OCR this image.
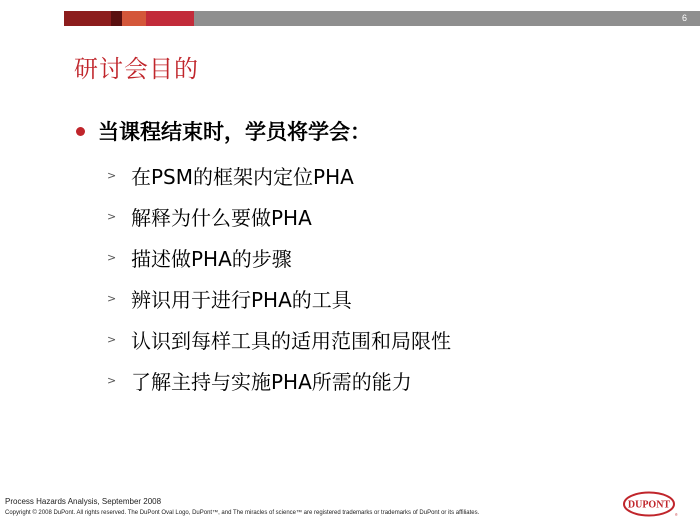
6
研讨会目的
当课程结束时，学员将学会：
> 在PSM的框架内定位PHA
> 解释为什么要做PHA
> 描述做PHA的步骤
> 辨识用于进行PHA的工具
> 认识到每样工具的适用范围和局限性
> 了解主持与实施PHA所需的能力
Process Hazards Analysis, September 2008
Copyright © 2008 DuPont. All rights reserved. The DuPont Oval Logo, DuPont™, and The miracles of science™ are registered trademarks or trademarks of DuPont or its affiliates.
DUPONT
®
